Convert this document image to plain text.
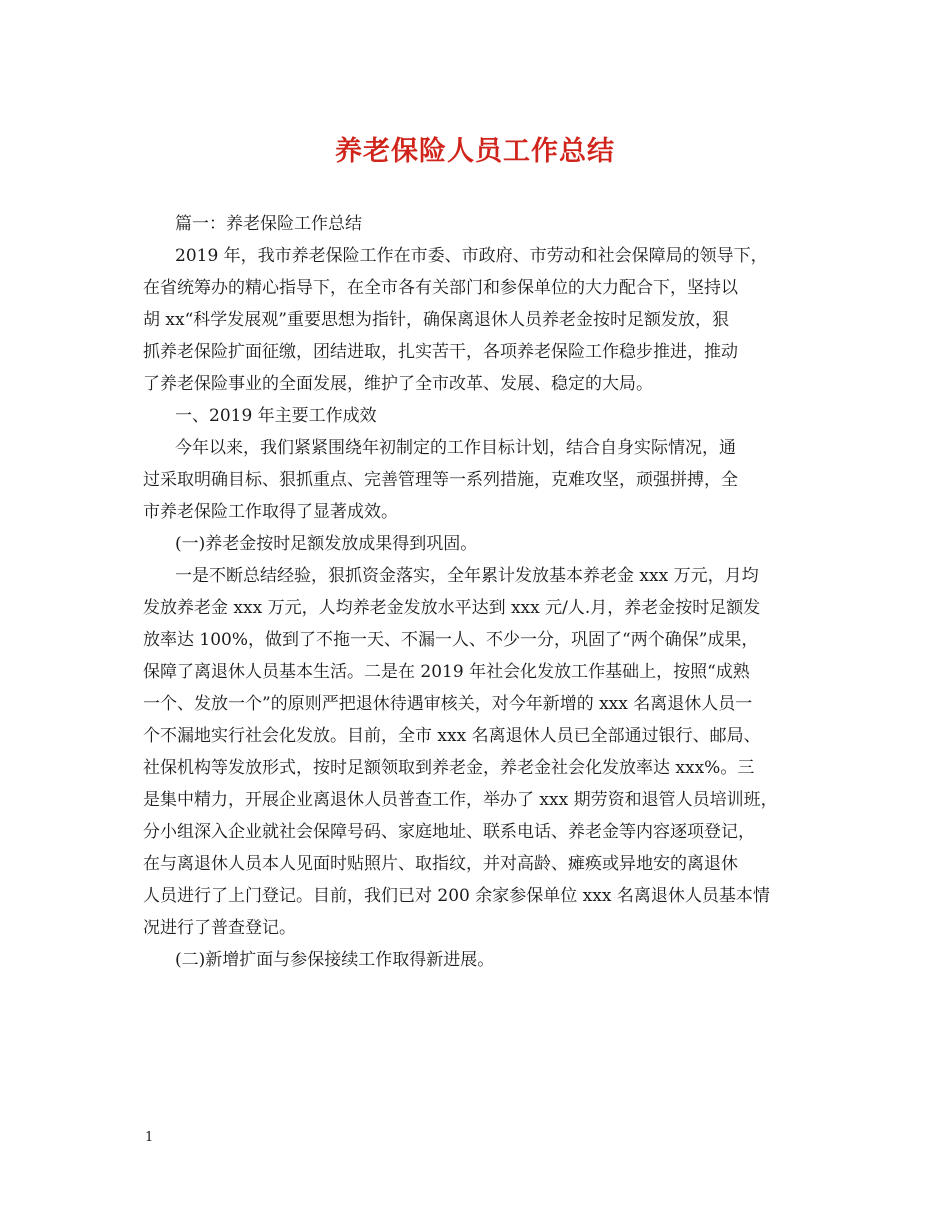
养老保险人员工作总结
篇一：养老保险工作总结
2019 年，我市养老保险工作在市委、市政府、市劳动和社会保障局的领导下，
在省统筹办的精心指导下，在全市各有关部门和参保单位的大力配合下，坚持以
胡 xx“科学发展观”重要思想为指针，确保离退休人员养老金按时足额发放，狠
抓养老保险扩面征缴，团结进取，扎实苦干，各项养老保险工作稳步推进，推动
了养老保险事业的全面发展，维护了全市改革、发展、稳定的大局。
一、2019 年主要工作成效
今年以来，我们紧紧围绕年初制定的工作目标计划，结合自身实际情况，通
过采取明确目标、狠抓重点、完善管理等一系列措施，克难攻坚，顽强拼搏，全
市养老保险工作取得了显著成效。
(一)养老金按时足额发放成果得到巩固。
一是不断总结经验，狠抓资金落实，全年累计发放基本养老金 xxx 万元，月均
发放养老金 xxx 万元，人均养老金发放水平达到 xxx 元/人.月，养老金按时足额发
放率达 100%，做到了不拖一天、不漏一人、不少一分，巩固了“两个确保”成果，
保障了离退休人员基本生活。二是在 2019 年社会化发放工作基础上，按照“成熟
一个、发放一个”的原则严把退休待遇审核关，对今年新增的 xxx 名离退休人员一
个不漏地实行社会化发放。目前，全市 xxx 名离退休人员已全部通过银行、邮局、
社保机构等发放形式，按时足额领取到养老金，养老金社会化发放率达 xxx%。三
是集中精力，开展企业离退休人员普查工作，举办了 xxx 期劳资和退管人员培训班，
分小组深入企业就社会保障号码、家庭地址、联系电话、养老金等内容逐项登记，
在与离退休人员本人见面时贴照片、取指纹，并对高龄、瘫痪或异地安的离退休
人员进行了上门登记。目前，我们已对 200 余家参保单位 xxx 名离退休人员基本情
况进行了普查登记。
(二)新增扩面与参保接续工作取得新进展。
1
